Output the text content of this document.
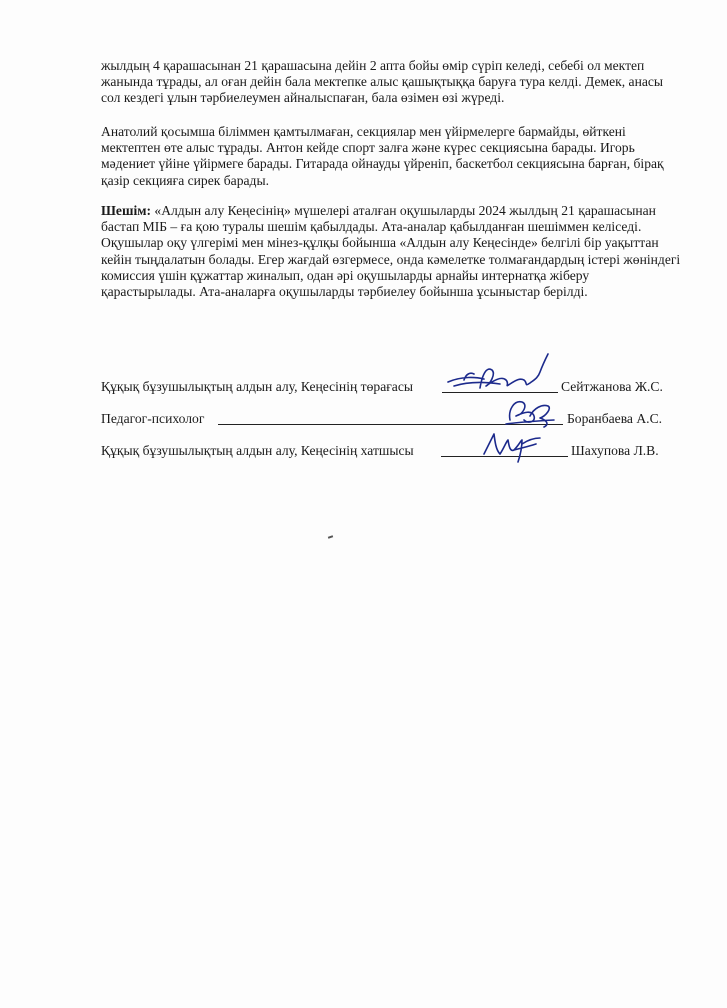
жылдың 4 қарашасынан 21 қарашасына дейін 2 апта бойы өмір сүріп келеді, себебі ол мектеп жанында тұрады, ал оған дейін бала мектепке алыс қашықтыққа баруға тура келді. Демек, анасы сол кездегі ұлын тәрбиелеумен айналыспаған, бала өзімен өзі жүреді.

Анатолий қосымша біліммен қамтылмаған, секциялар мен үйірмелерге бармайды, өйткені мектептен өте алыс тұрады. Антон кейде спорт залға және күрес секциясына барады. Игорь мәдениет үйіне үйірмеге барады. Гитарада ойнауды үйреніп, баскетбол секциясына барған, бірақ қазір секцияға сирек барады.

Шешім: «Алдын алу Кеңесінің» мүшелері аталған оқушыларды 2024 жылдың 21 қарашасынан бастап МІБ – ға қою туралы шешім қабылдады. Ата-аналар қабылданған шешіммен келіседі. Оқушылар оқу үлгерімі мен мінез-құлқы бойынша «Алдын алу Кеңесінде» белгілі бір уақыттан кейін тыңдалатын болады. Егер жағдай өзгермесе, онда кәмелетке толмағандардың істері жөніндегі комиссия үшін құжаттар жиналып, одан әрі оқушыларды арнайы интернатқа жіберу қарастырылады. Ата-аналарға оқушыларды тәрбиелеу бойынша ұсыныстар берілді.

Құқық бұзушылықтың алдын алу, Кеңесінің төрағасы	Сейтжанова Ж.С.
Педагог-психолог	Боранбаева А.С.
Құқық бұзушылықтың алдын алу, Кеңесінің хатшысы	Шахупова Л.В.
